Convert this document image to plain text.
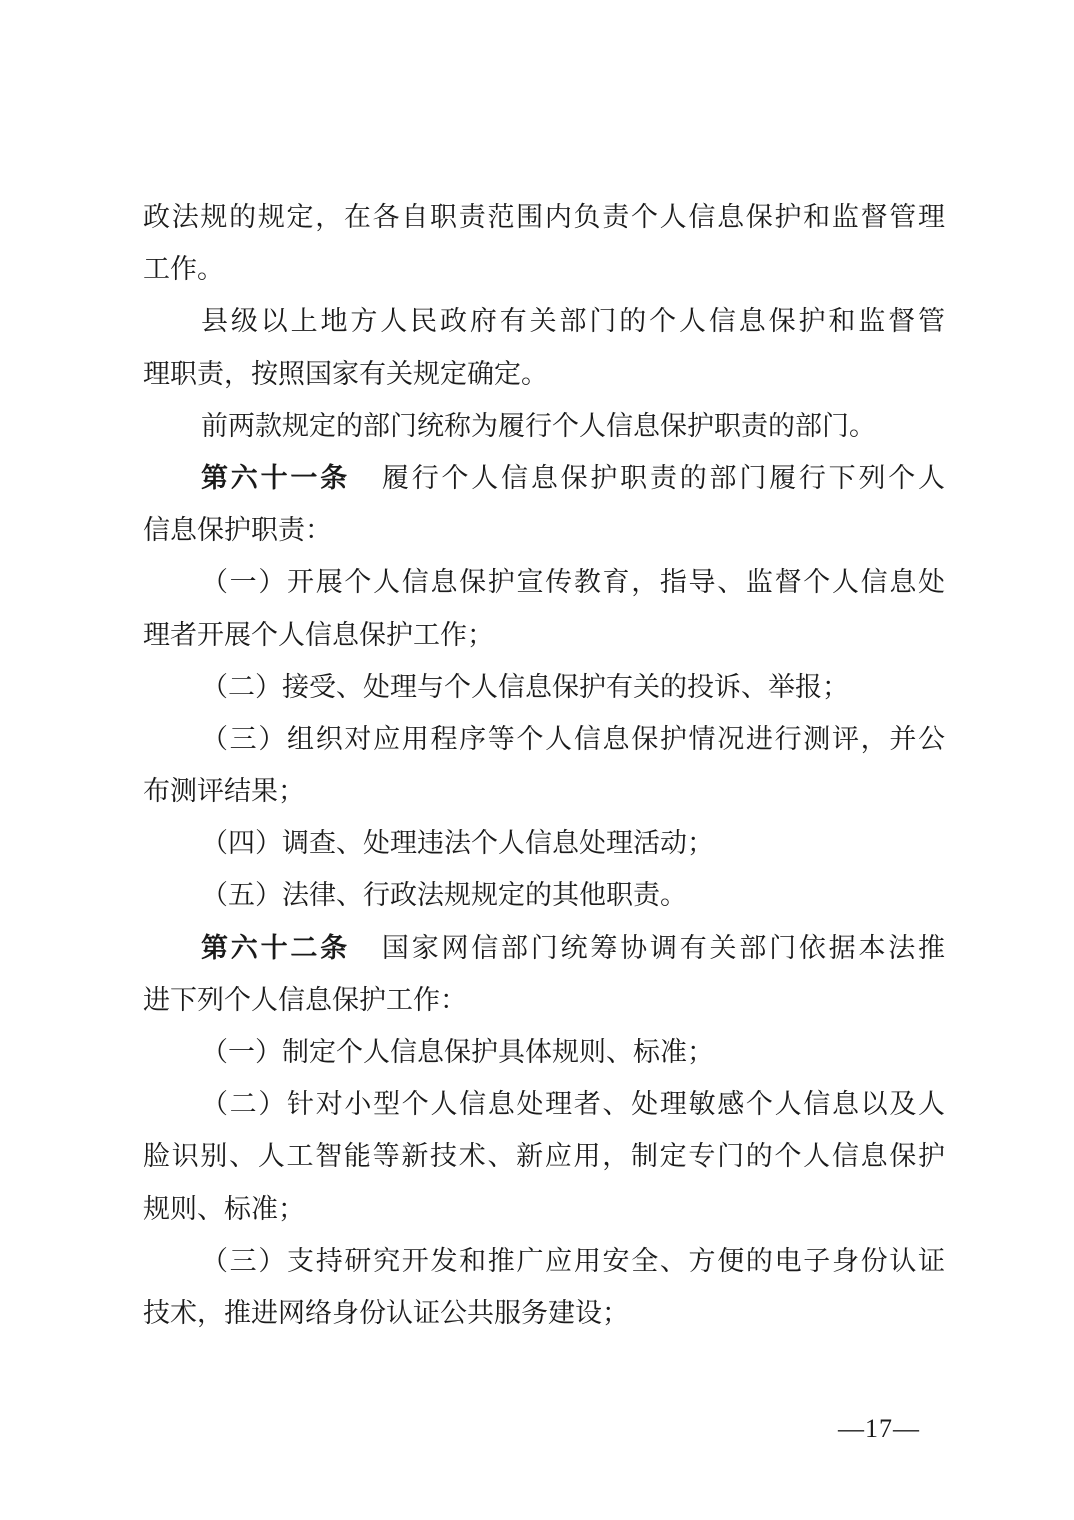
政法规的规定，在各自职责范围内负责个人信息保护和监督管理
工作。
县级以上地方人民政府有关部门的个人信息保护和监督管
理职责，按照国家有关规定确定。
前两款规定的部门统称为履行个人信息保护职责的部门。
第六十一条 履行个人信息保护职责的部门履行下列个人
信息保护职责：
（一）开展个人信息保护宣传教育，指导、监督个人信息处
理者开展个人信息保护工作；
（二）接受、处理与个人信息保护有关的投诉、举报；
（三）组织对应用程序等个人信息保护情况进行测评，并公
布测评结果；
（四）调查、处理违法个人信息处理活动；
（五）法律、行政法规规定的其他职责。
第六十二条 国家网信部门统筹协调有关部门依据本法推
进下列个人信息保护工作：
（一）制定个人信息保护具体规则、标准；
（二）针对小型个人信息处理者、处理敏感个人信息以及人
脸识别、人工智能等新技术、新应用，制定专门的个人信息保护
规则、标准；
（三）支持研究开发和推广应用安全、方便的电子身份认证
技术，推进网络身份认证公共服务建设；
—17—
